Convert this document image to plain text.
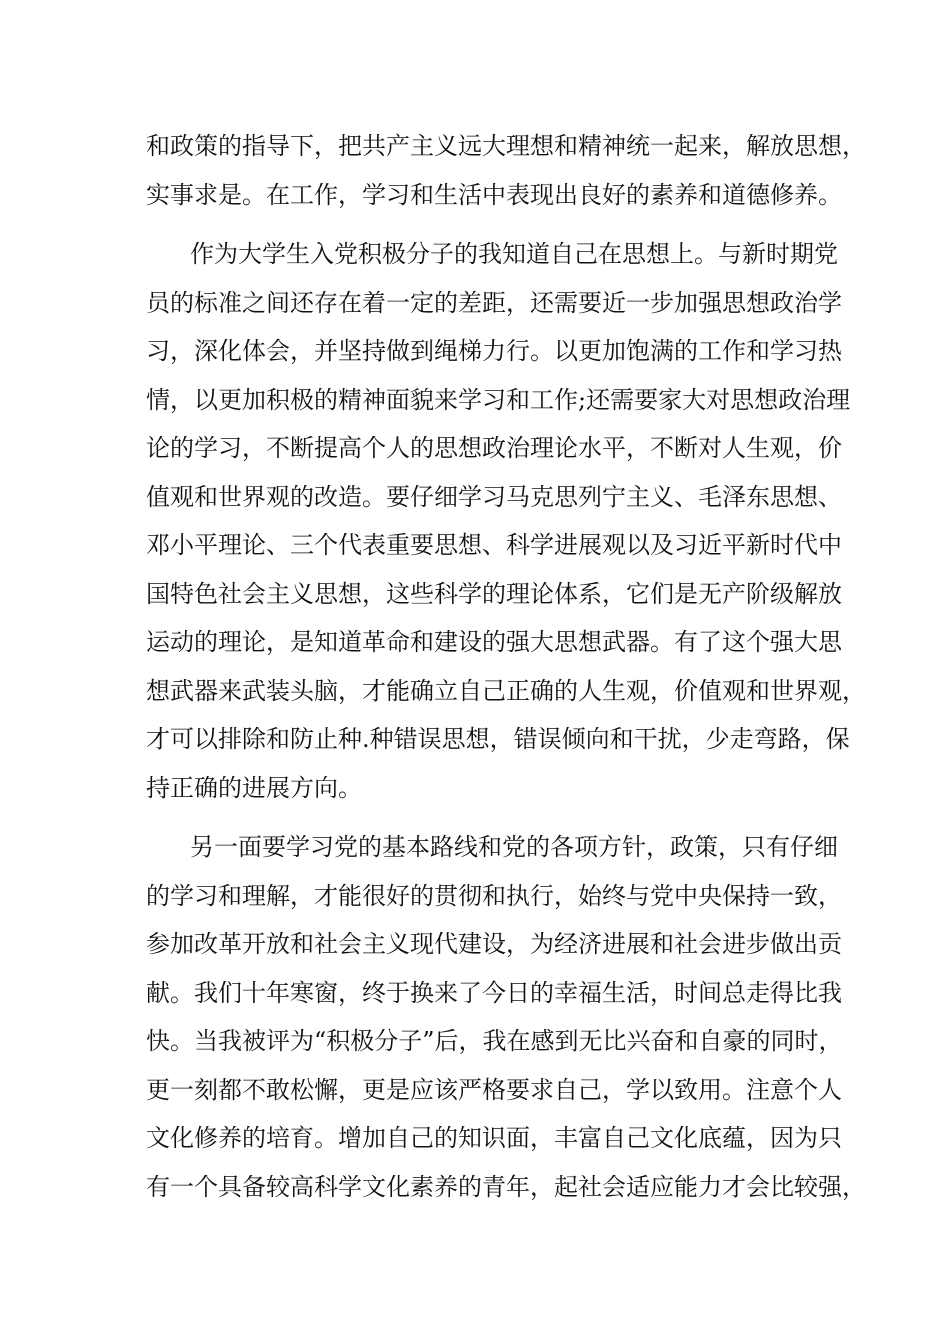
和政策的指导下，把共产主义远大理想和精神统一起来，解放思想，
实事求是。在工作，学习和生活中表现出良好的素养和道德修养。
作为大学生入党积极分子的我知道自己在思想上。与新时期党
员的标准之间还存在着一定的差距，还需要近一步加强思想政治学
习，深化体会，并坚持做到绳梯力行。以更加饱满的工作和学习热
情，以更加积极的精神面貌来学习和工作;还需要家大对思想政治理
论的学习，不断提高个人的思想政治理论水平，不断对人生观，价
值观和世界观的改造。要仔细学习马克思列宁主义、毛泽东思想、
邓小平理论、三个代表重要思想、科学进展观以及习近平新时代中
国特色社会主义思想，这些科学的理论体系，它们是无产阶级解放
运动的理论，是知道革命和建设的强大思想武器。有了这个强大思
想武器来武装头脑，才能确立自己正确的人生观，价值观和世界观，
才可以排除和防止种.种错误思想，错误倾向和干扰，少走弯路，保
持正确的进展方向。
另一面要学习党的基本路线和党的各项方针，政策，只有仔细
的学习和理解，才能很好的贯彻和执行，始终与党中央保持一致，
参加改革开放和社会主义现代建设，为经济进展和社会进步做出贡
献。我们十年寒窗，终于换来了今日的幸福生活，时间总走得比我
快。当我被评为“积极分子”后，我在感到无比兴奋和自豪的同时，
更一刻都不敢松懈，更是应该严格要求自己，学以致用。注意个人
文化修养的培育。增加自己的知识面，丰富自己文化底蕴，因为只
有一个具备较高科学文化素养的青年，起社会适应能力才会比较强，
